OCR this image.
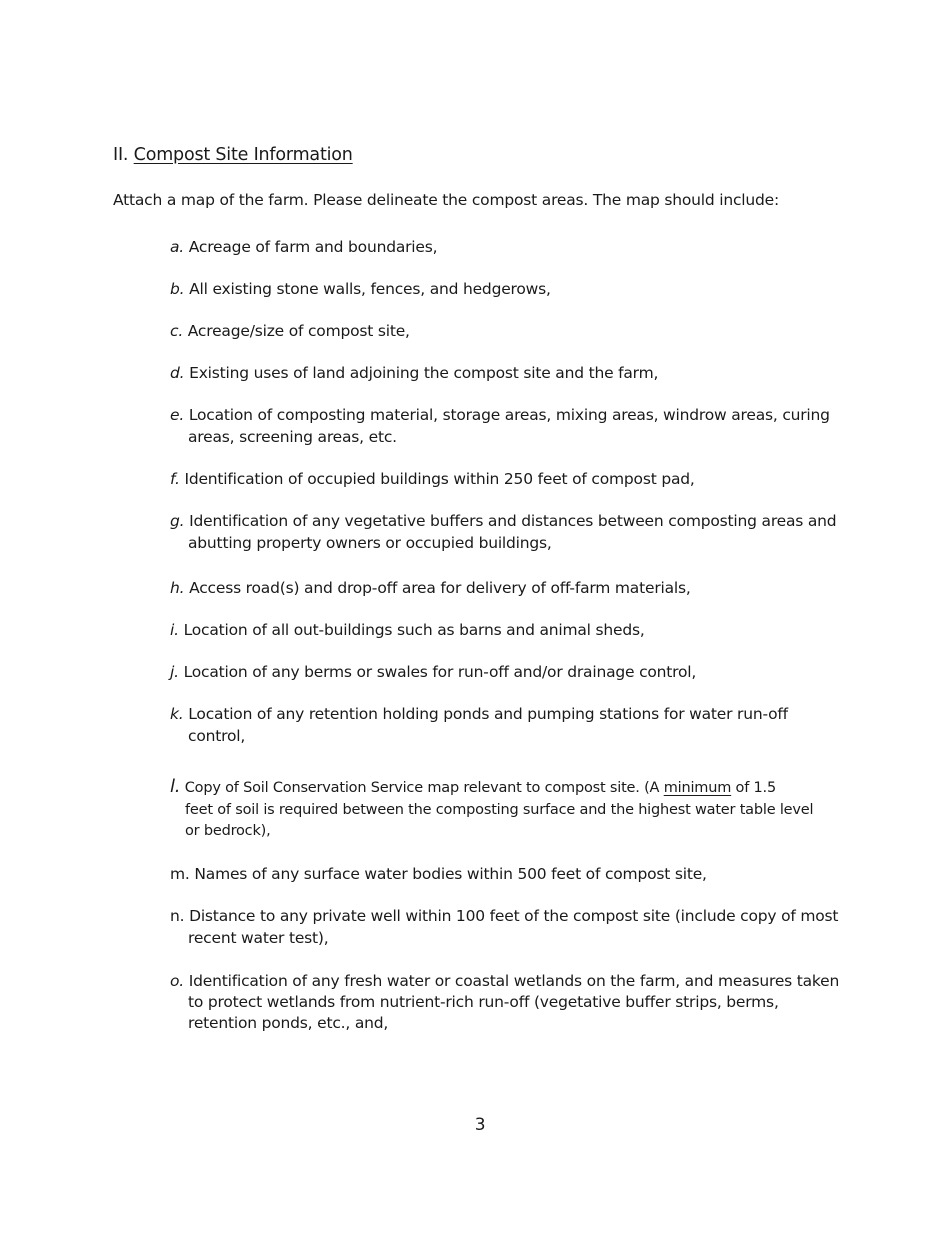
II. Compost Site Information
Attach a map of the farm. Please delineate the compost areas. The map should include:
a. Acreage of farm and boundaries,
b. All existing stone walls, fences, and hedgerows,
c. Acreage/size of compost site,
d. Existing uses of land adjoining the compost site and the farm,
e. Location of composting material, storage areas, mixing areas, windrow areas, curing
areas, screening areas, etc.
f. Identification of occupied buildings within 250 feet of compost pad,
g. Identification of any vegetative buffers and distances between composting areas and
abutting property owners or occupied buildings,
h. Access road(s) and drop-off area for delivery of off-farm materials,
i. Location of all out-buildings such as barns and animal sheds,
j. Location of any berms or swales for run-off and/or drainage control,
k. Location of any retention holding ponds and pumping stations for water run-off
control,
l. Copy of Soil Conservation Service map relevant to compost site. (A minimum of 1.5
feet of soil is required between the composting surface and the highest water table level
or bedrock),
m. Names of any surface water bodies within 500 feet of compost site,
n. Distance to any private well within 100 feet of the compost site (include copy of most
recent water test),
o. Identification of any fresh water or coastal wetlands on the farm, and measures taken
to protect wetlands from nutrient-rich run-off (vegetative buffer strips, berms,
retention ponds, etc., and,
3
